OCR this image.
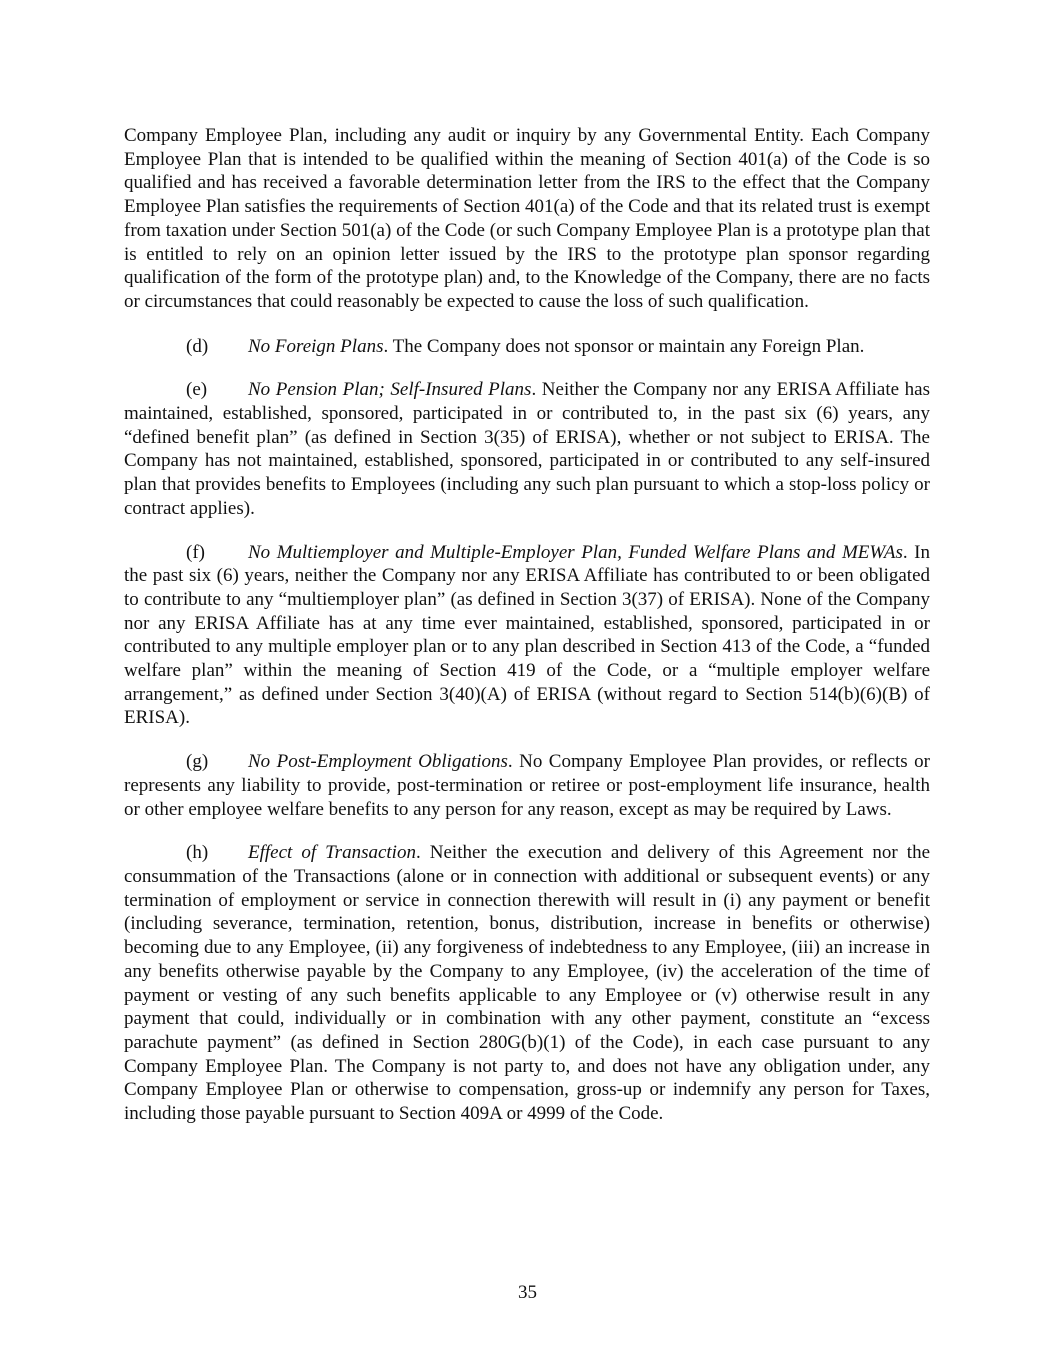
Company Employee Plan, including any audit or inquiry by any Governmental Entity. Each Company Employee Plan that is intended to be qualified within the meaning of Section 401(a) of the Code is so qualified and has received a favorable determination letter from the IRS to the effect that the Company Employee Plan satisfies the requirements of Section 401(a) of the Code and that its related trust is exempt from taxation under Section 501(a) of the Code (or such Company Employee Plan is a prototype plan that is entitled to rely on an opinion letter issued by the IRS to the prototype plan sponsor regarding qualification of the form of the prototype plan) and, to the Knowledge of the Company, there are no facts or circumstances that could reasonably be expected to cause the loss of such qualification.

(d) No Foreign Plans. The Company does not sponsor or maintain any Foreign Plan.

(e) No Pension Plan; Self-Insured Plans. Neither the Company nor any ERISA Affiliate has maintained, established, sponsored, participated in or contributed to, in the past six (6) years, any “defined benefit plan” (as defined in Section 3(35) of ERISA), whether or not subject to ERISA. The Company has not maintained, established, sponsored, participated in or contributed to any self-insured plan that provides benefits to Employees (including any such plan pursuant to which a stop-loss policy or contract applies).

(f) No Multiemployer and Multiple-Employer Plan, Funded Welfare Plans and MEWAs. In the past six (6) years, neither the Company nor any ERISA Affiliate has contributed to or been obligated to contribute to any “multiemployer plan” (as defined in Section 3(37) of ERISA). None of the Company nor any ERISA Affiliate has at any time ever maintained, established, sponsored, participated in or contributed to any multiple employer plan or to any plan described in Section 413 of the Code, a “funded welfare plan” within the meaning of Section 419 of the Code, or a “multiple employer welfare arrangement,” as defined under Section 3(40)(A) of ERISA (without regard to Section 514(b)(6)(B) of ERISA).

(g) No Post-Employment Obligations. No Company Employee Plan provides, or reflects or represents any liability to provide, post-termination or retiree or post-employment life insurance, health or other employee welfare benefits to any person for any reason, except as may be required by Laws.

(h) Effect of Transaction. Neither the execution and delivery of this Agreement nor the consummation of the Transactions (alone or in connection with additional or subsequent events) or any termination of employment or service in connection therewith will result in (i) any payment or benefit (including severance, termination, retention, bonus, distribution, increase in benefits or otherwise) becoming due to any Employee, (ii) any forgiveness of indebtedness to any Employee, (iii) an increase in any benefits otherwise payable by the Company to any Employee, (iv) the acceleration of the time of payment or vesting of any such benefits applicable to any Employee or (v) otherwise result in any payment that could, individually or in combination with any other payment, constitute an “excess parachute payment” (as defined in Section 280G(b)(1) of the Code), in each case pursuant to any Company Employee Plan. The Company is not party to, and does not have any obligation under, any Company Employee Plan or otherwise to compensation, gross-up or indemnify any person for Taxes, including those payable pursuant to Section 409A or 4999 of the Code.

35
